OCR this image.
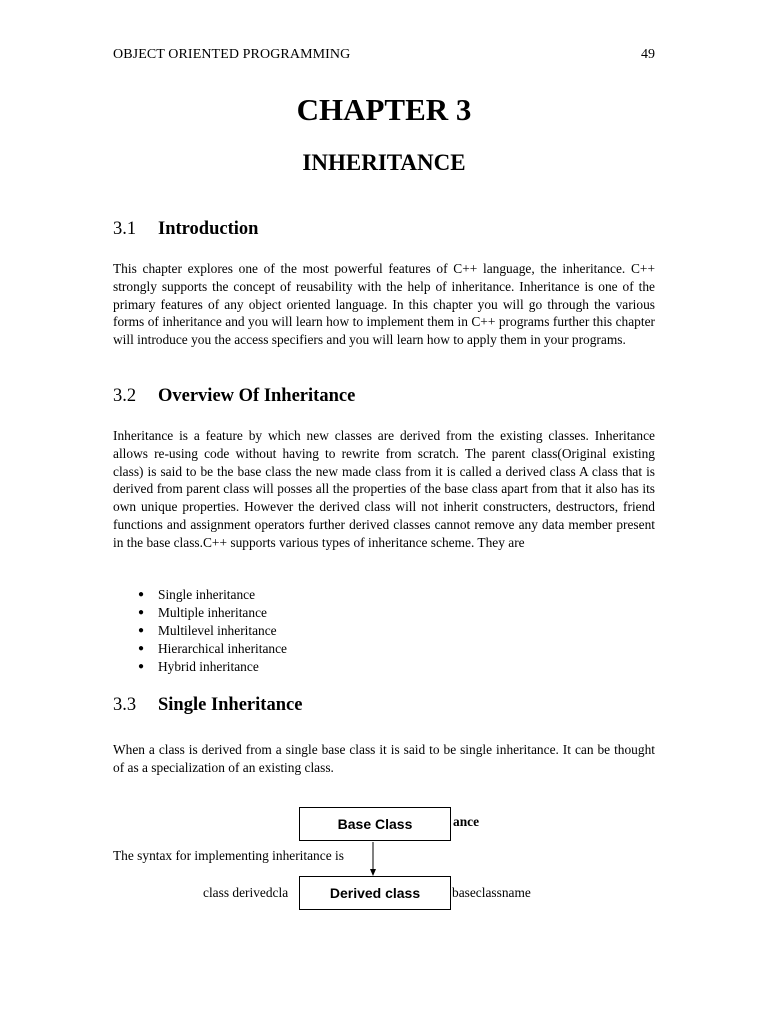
OBJECT ORIENTED PROGRAMMING	49
CHAPTER 3
INHERITANCE
3.1 Introduction

This chapter explores one of the most powerful features of C++ language, the inheritance. C++ strongly supports the concept of reusability with the help of inheritance. Inheritance is one of the primary features of any object oriented language. In this chapter you will go through the various forms of inheritance and you will learn how to implement them in C++ programs further this chapter will introduce you the access specifiers and you will learn how to apply them in your programs.

3.2 Overview Of Inheritance

Inheritance is a feature by which new classes are derived from the existing classes. Inheritance allows re-using code without having to rewrite from scratch. The parent class(Original existing class) is said to be the base class the new made class from it is called a derived class A class that is derived from parent class will posses all the properties of the base class apart from that it also has its own unique properties. However the derived class will not inherit constructers, destructors, friend functions and assignment operators further derived classes cannot remove any data member present in the base class.C++ supports various types of inheritance scheme. They are

● Single inheritance
● Multiple inheritance
● Multilevel inheritance
● Hierarchical inheritance
● Hybrid inheritance
3.3 Single Inheritance

When a class is derived from a single base class it is said to be single inheritance. It can be thought of as a specialization of an existing class.

ance
The syntax for implementing inheritance is
class derivedcla	baseclassname
Base Class
Derived class
